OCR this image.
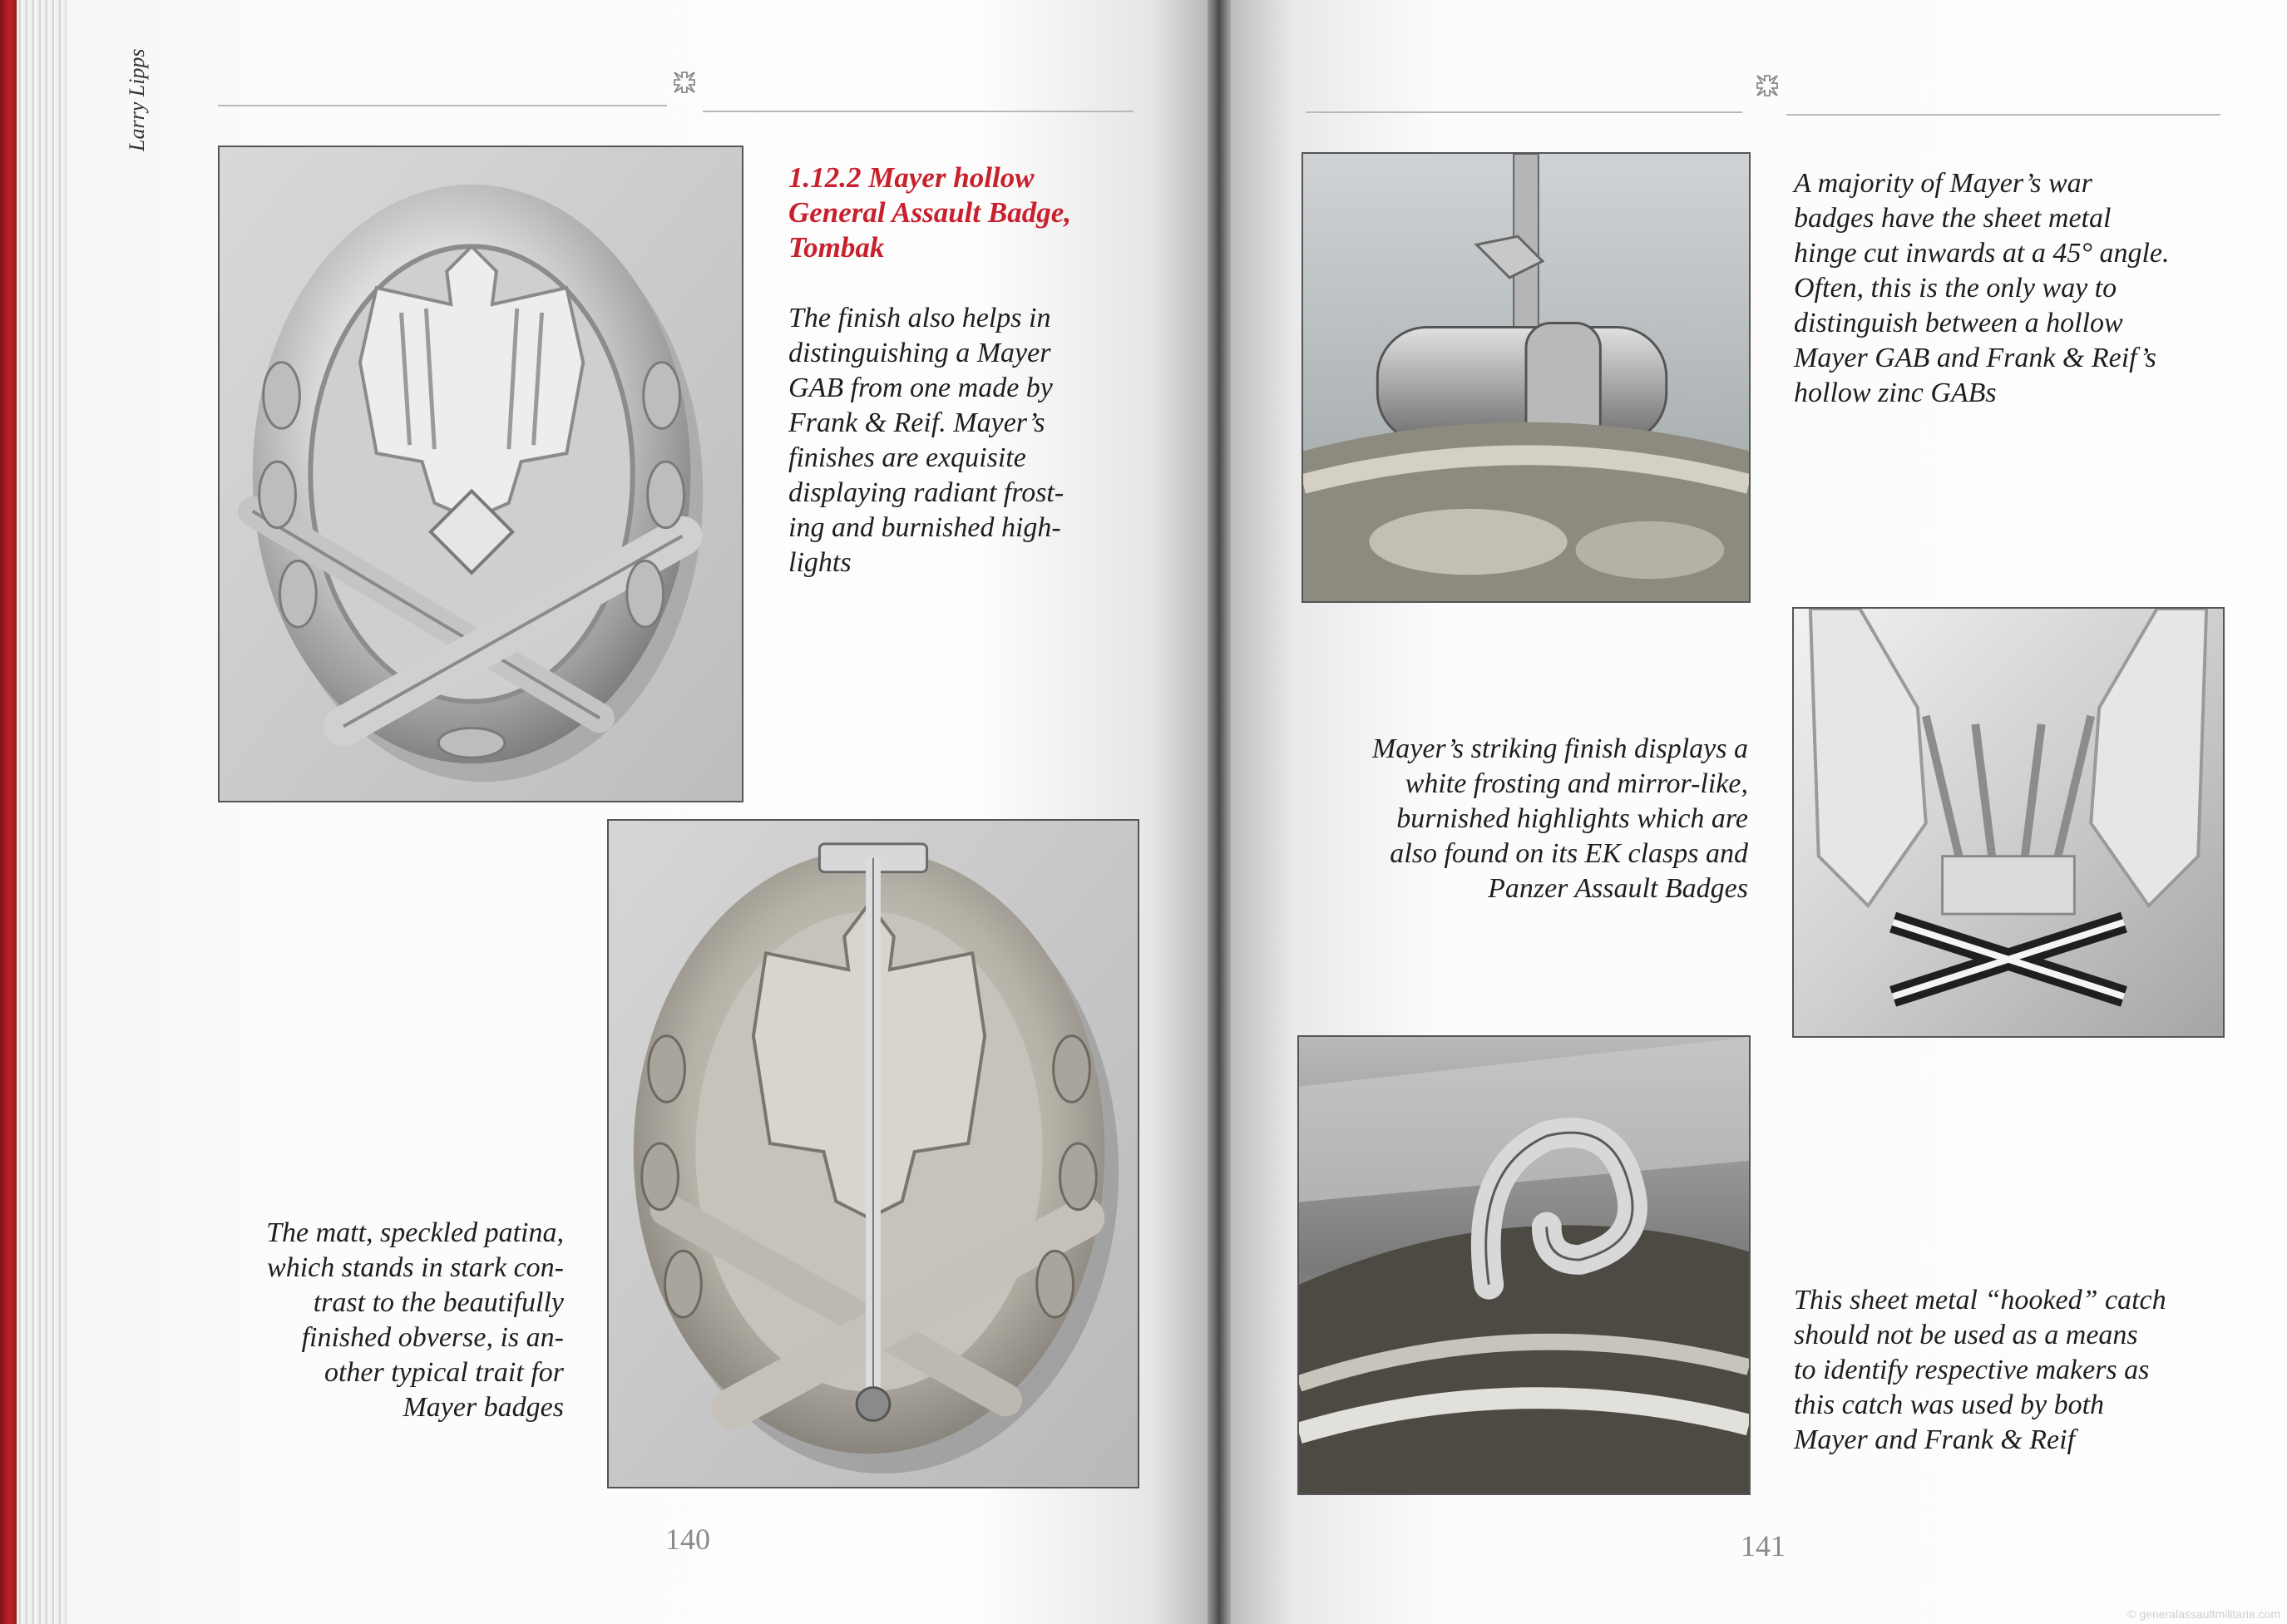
Larry Lipps
1.12.2 Mayer hollow
General Assault Badge,
Tombak

The finish also helps in
distinguishing a Mayer
GAB from one made by
Frank & Reif. Mayer’s
finishes are exquisite
displaying radiant frost-
ing and burnished high-
lights

The matt, speckled patina,
which stands in stark con-
trast to the beautifully
finished obverse, is an-
other typical trait for
Mayer badges

140

A majority of Mayer’s war
badges have the sheet metal
hinge cut inwards at a 45° angle.
Often, this is the only way to
distinguish between a hollow
Mayer GAB and Frank & Reif’s
hollow zinc GABs

Mayer’s striking finish displays a
white frosting and mirror-like,
burnished highlights which are
also found on its EK clasps and
Panzer Assault Badges

This sheet metal “hooked” catch
should not be used as a means
to identify respective makers as
this catch was used by both
Mayer and Frank & Reif

141
© generalassaultmilitaria.com
